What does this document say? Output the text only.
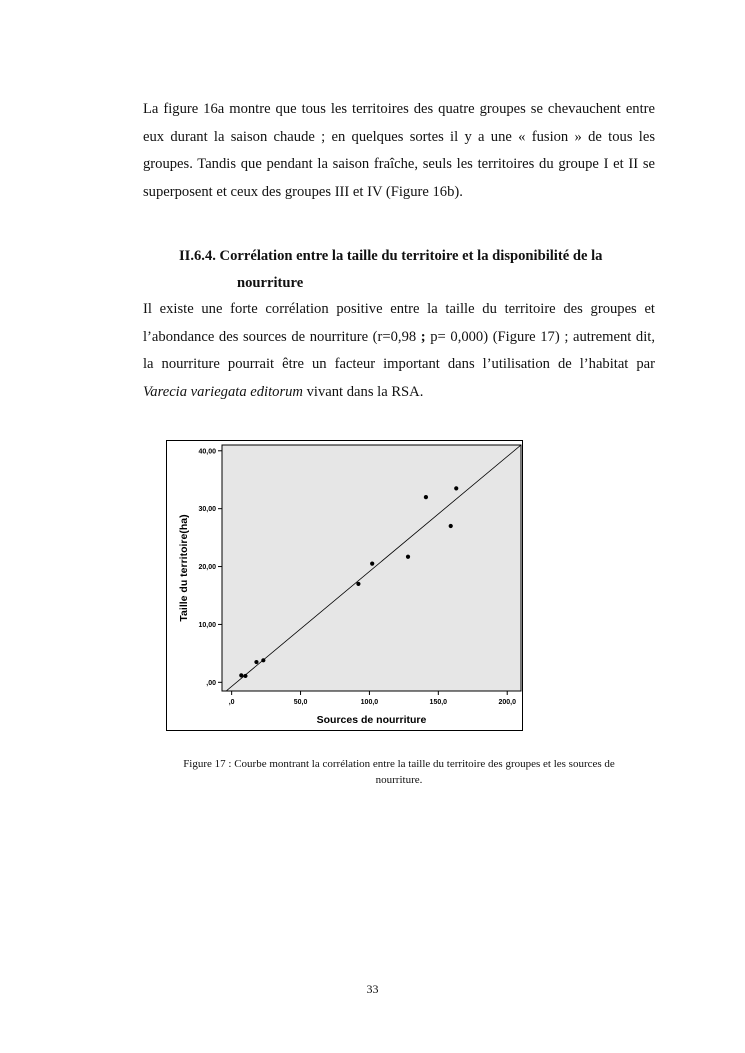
La figure 16a montre que tous les territoires des quatre groupes se chevauchent entre
eux durant la saison chaude ; en quelques sortes il y a une « fusion » de tous les
groupes. Tandis que pendant la saison fraîche, seuls les territoires du groupe I et II se
superposent et ceux des groupes III et IV (Figure 16b).
II.6.4. Corrélation entre la taille du territoire et la disponibilité de la
nourriture
Il existe une forte corrélation positive entre la taille du territoire des groupes et
l’abondance des sources de nourriture (r=0,98 ; p= 0,000) (Figure 17) ; autrement dit,
la nourriture pourrait être un facteur important dans l’utilisation de l’habitat par
Varecia variegata editorum vivant dans la RSA.
,00
10,00
20,00
30,00
40,00
,0	50,0	100,0	150,0	200,0
Sources de nourriture
Taille du territoire(ha)
Figure 17 : Courbe montrant la corrélation entre la taille du territoire des groupes et les sources de
nourriture.
33
